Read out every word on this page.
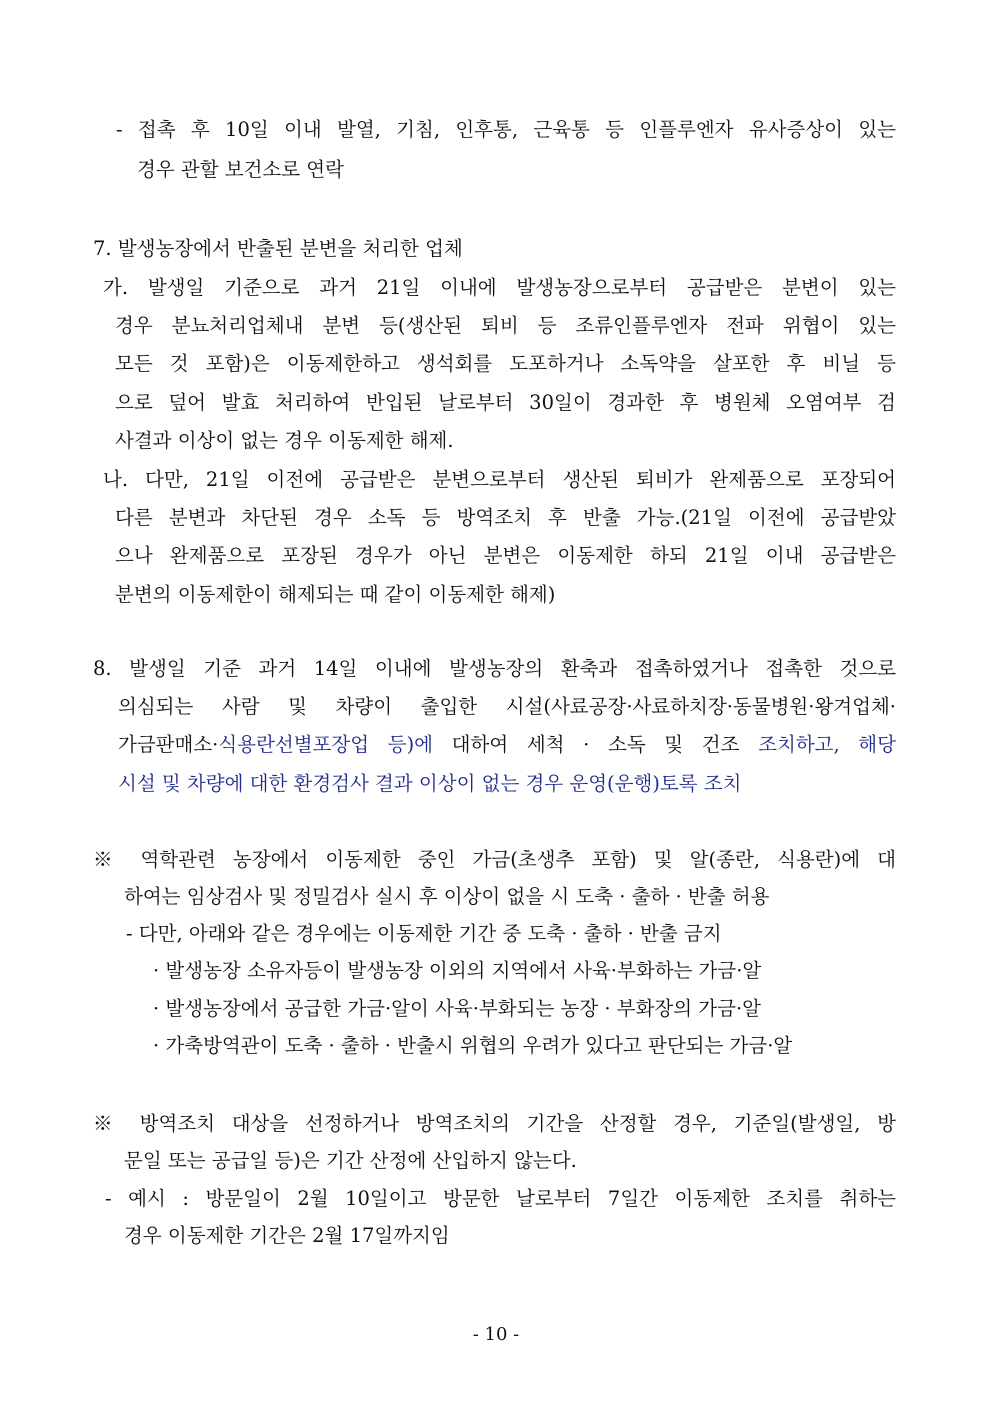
- 접촉 후 10일 이내 발열, 기침, 인후통, 근육통 등 인플루엔자 유사증상이 있는
경우 관할 보건소로 연락
7. 발생농장에서 반출된 분변을 처리한 업체
가. 발생일 기준으로 과거 21일 이내에 발생농장으로부터 공급받은 분변이 있는
경우 분뇨처리업체내 분변 등(생산된 퇴비 등 조류인플루엔자 전파 위협이 있는
모든 것 포함)은 이동제한하고 생석회를 도포하거나 소독약을 살포한 후 비닐 등
으로 덮어 발효 처리하여 반입된 날로부터 30일이 경과한 후 병원체 오염여부 검
사결과 이상이 없는 경우 이동제한 해제.
나. 다만, 21일 이전에 공급받은 분변으로부터 생산된 퇴비가 완제품으로 포장되어
다른 분변과 차단된 경우 소독 등 방역조치 후 반출 가능.(21일 이전에 공급받았
으나 완제품으로 포장된 경우가 아닌 분변은 이동제한 하되 21일 이내 공급받은
분변의 이동제한이 해제되는 때 같이 이동제한 해제)
8. 발생일 기준 과거 14일 이내에 발생농장의 환축과 접촉하였거나 접촉한 것으로
의심되는 사람 및 차량이 출입한 시설(사료공장·사료하치장·동물병원·왕겨업체·
가금판매소·식용란선별포장업 등)에 대하여 세척 · 소독 및 건조 조치하고, 해당
시설 및 차량에 대한 환경검사 결과 이상이 없는 경우 운영(운행)토록 조치
※ 역학관련 농장에서 이동제한 중인 가금(초생추 포함) 및 알(종란, 식용란)에 대
하여는 임상검사 및 정밀검사 실시 후 이상이 없을 시 도축 · 출하 · 반출 허용
- 다만, 아래와 같은 경우에는 이동제한 기간 중 도축 · 출하 · 반출 금지
· 발생농장 소유자등이 발생농장 이외의 지역에서 사육·부화하는 가금·알
· 발생농장에서 공급한 가금·알이 사육·부화되는 농장 · 부화장의 가금·알
· 가축방역관이 도축 · 출하 · 반출시 위협의 우려가 있다고 판단되는 가금·알
※ 방역조치 대상을 선정하거나 방역조치의 기간을 산정할 경우, 기준일(발생일, 방
문일 또는 공급일 등)은 기간 산정에 산입하지 않는다.
- 예시 : 방문일이 2월 10일이고 방문한 날로부터 7일간 이동제한 조치를 취하는
경우 이동제한 기간은 2월 17일까지임
- 10 -
